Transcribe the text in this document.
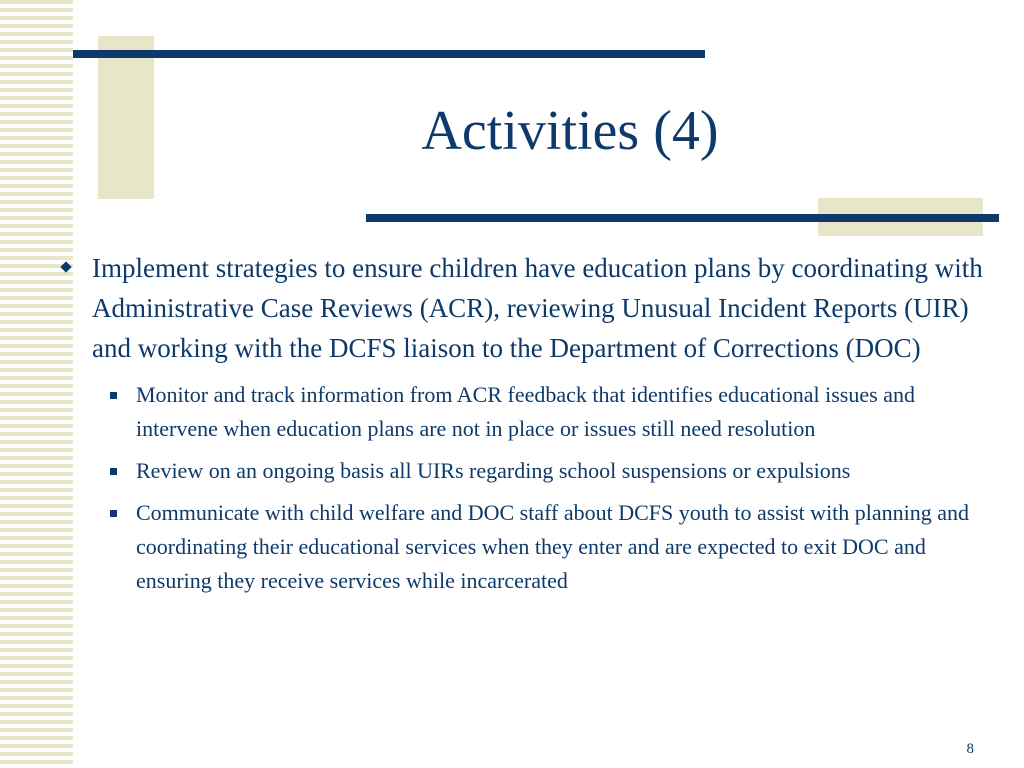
Activities (4)
Implement strategies to ensure children have education plans by coordinating with Administrative Case Reviews (ACR), reviewing Unusual Incident Reports (UIR) and working with the DCFS liaison to the Department of Corrections (DOC)
Monitor and track information from ACR feedback that identifies educational issues and intervene when education plans are not in place or issues still need resolution
Review on an ongoing basis all UIRs regarding school suspensions or expulsions
Communicate with child welfare and DOC staff about DCFS youth to assist with planning and coordinating their educational services when they enter and are expected to exit DOC and ensuring they receive services while incarcerated
8
